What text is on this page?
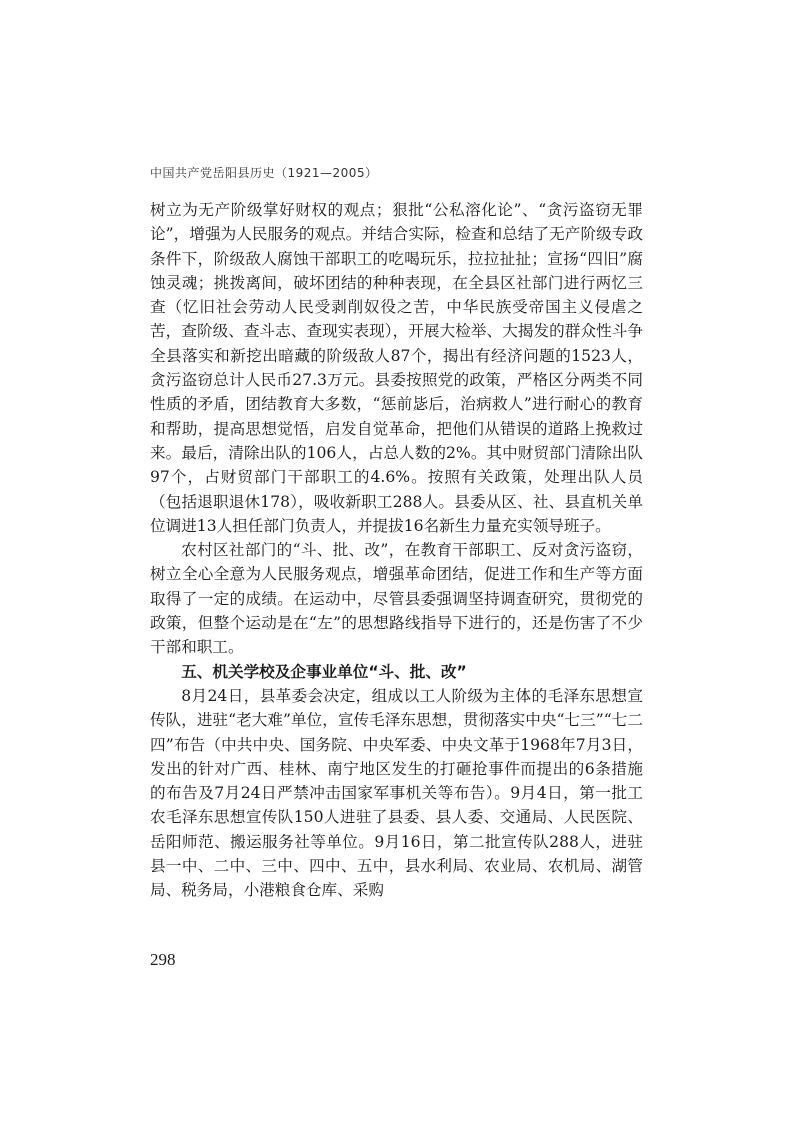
中国共产党岳阳县历史（1921—2005）

树立为无产阶级掌好财权的观点；狠批“公私溶化论”、“贪污盗窃无罪论”，增强为人民服务的观点。并结合实际，检查和总结了无产阶级专政条件下，阶级敌人腐蚀干部职工的吃喝玩乐，拉拉扯扯；宣扬“四旧”腐蚀灵魂；挑拨离间，破坏团结的种种表现，在全县区社部门进行两忆三查（忆旧社会劳动人民受剥削奴役之苦，中华民族受帝国主义侵虐之苦，查阶级、查斗志、查现实表现），开展大检举、大揭发的群众性斗争全县落实和新挖出暗藏的阶级敌人87个，揭出有经济问题的1523人，贪污盗窃总计人民币27.3万元。县委按照党的政策，严格区分两类不同性质的矛盾，团结教育大多数，“惩前毖后，治病救人”进行耐心的教育和帮助，提高思想觉悟，启发自觉革命，把他们从错误的道路上挽救过来。最后，清除出队的106人，占总人数的2%。其中财贸部门清除出队97个，占财贸部门干部职工的4.6%。按照有关政策，处理出队人员（包括退职退休178），吸收新职工288人。县委从区、社、县直机关单位调进13人担任部门负责人，并提拔16名新生力量充实领导班子。

农村区社部门的“斗、批、改”，在教育干部职工、反对贪污盗窃，树立全心全意为人民服务观点，增强革命团结，促进工作和生产等方面取得了一定的成绩。在运动中，尽管县委强调坚持调查研究，贯彻党的政策，但整个运动是在“左”的思想路线指导下进行的，还是伤害了不少干部和职工。

五、机关学校及企事业单位“斗、批、改”

8月24日，县革委会决定，组成以工人阶级为主体的毛泽东思想宣传队，进驻“老大难”单位，宣传毛泽东思想，贯彻落实中央“七三”“七二四”布告（中共中央、国务院、中央军委、中央文革于1968年7月3日，发出的针对广西、桂林、南宁地区发生的打砸抢事件而提出的6条措施的布告及7月24日严禁冲击国家军事机关等布告）。9月4日，第一批工农毛泽东思想宣传队150人进驻了县委、县人委、交通局、人民医院、岳阳师范、搬运服务社等单位。9月16日，第二批宣传队288人，进驻县一中、二中、三中、四中、五中，县水利局、农业局、农机局、湖管局、税务局，小港粮食仓库、采购

298
